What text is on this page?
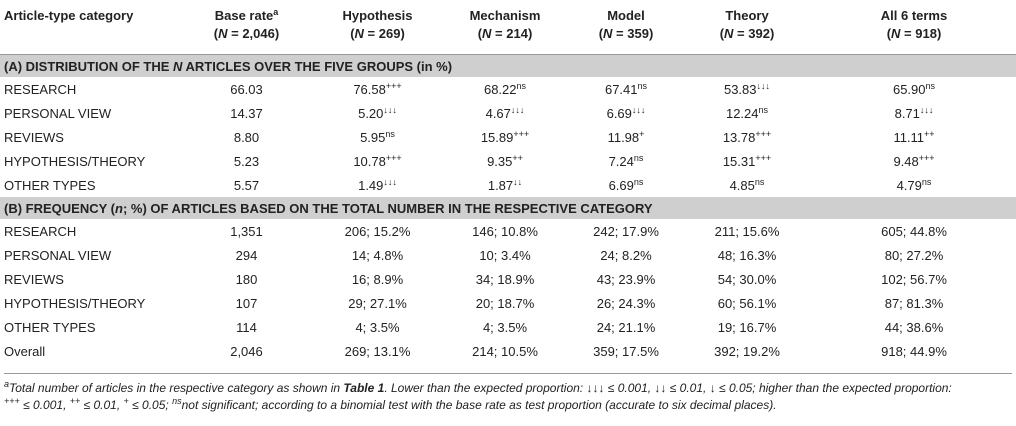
Article-type category	Base rate$^a$	Hypothesis	Mechanism	Model	Theory	All 6 terms
	(N = 2,046)	(N = 269)	(N = 214)	(N = 359)	(N = 392)	(N = 918)
(A) DISTRIBUTION OF THE N ARTICLES OVER THE FIVE GROUPS (in %)						
RESEARCH	66.03	76.58+++	$68.22^{ns}$	$67.41^{ns}$	53.83↓↓↓	$65.90^{ns}$
PERSONAL VIEW	14.37	5.20↓↓↓	4.67↓↓↓	6.69↓↓↓	$12.24^{ns}$	8.71↓↓↓
REVIEWS	8.80	$5.95^{ns}$	15.89+++	11.98+	13.78+++	11.11++
HYPOTHESIS/THEORY	5.23	10.78+++	9.35++	$7.24^{ns}$	15.31+++	9.48+++
OTHER TYPES	5.57	1.49↓↓↓	1.87↓↓	$6.69^{ns}$	$4.85^{ns}$	$4.79^{ns}$
(B) FREQUENCY (n; %) OF ARTICLES BASED ON THE TOTAL NUMBER IN THE RESPECTIVE CATEGORY						
RESEARCH	1,351	206; 15.2%	146; 10.8%	242; 17.9%	211; 15.6%	605; 44.8%
PERSONAL VIEW	294	14; 4.8%	10; 3.4%	24; 8.2%	48; 16.3%	80; 27.2%
REVIEWS	180	16; 8.9%	34; 18.9%	43; 23.9%	54; 30.0%	102; 56.7%
HYPOTHESIS/THEORY	107	29; 27.1%	20; 18.7%	26; 24.3%	60; 56.1%	87; 81.3%
OTHER TYPES	114	4; 3.5%	4; 3.5%	24; 21.1%	19; 16.7%	44; 38.6%
Overall	2,046	269; 13.1%	214; 10.5%	359; 17.5%	392; 19.2%	918; 44.9%
$^a$Total number of articles in the respective category as shown in Table 1. Lower than the expected proportion: ↓↓↓ ≤ 0.001, ↓↓ ≤ 0.01, ↓ ≤ 0.05; higher than the expected proportion:
+++ ≤ 0.001, ++ ≤ 0.01, + ≤ 0.05; $^{ns}$not significant; according to a binomial test with the base rate as test proportion (accurate to six decimal places).
